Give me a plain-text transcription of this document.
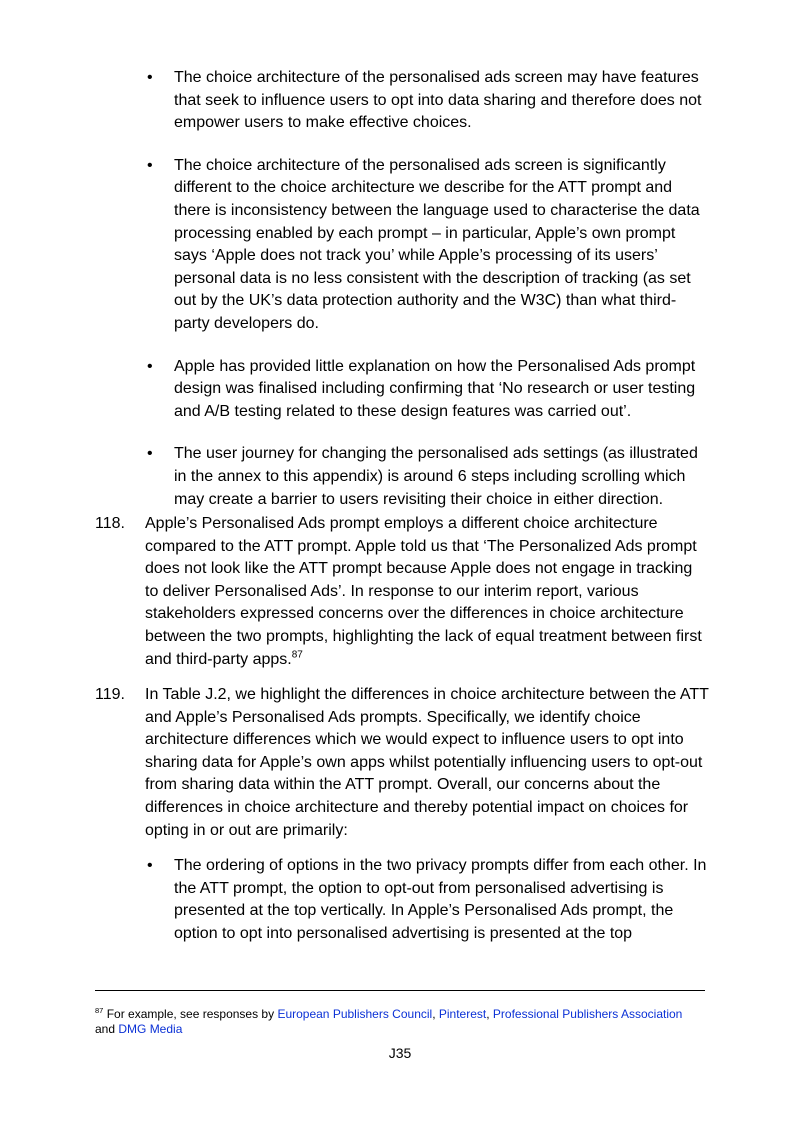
• The choice architecture of the personalised ads screen may have features that seek to influence users to opt into data sharing and therefore does not empower users to make effective choices.
• The choice architecture of the personalised ads screen is significantly different to the choice architecture we describe for the ATT prompt and there is inconsistency between the language used to characterise the data processing enabled by each prompt – in particular, Apple’s own prompt says ‘Apple does not track you’ while Apple’s processing of its users’ personal data is no less consistent with the description of tracking (as set out by the UK’s data protection authority and the W3C) than what third-party developers do.
• Apple has provided little explanation on how the Personalised Ads prompt design was finalised including confirming that ‘No research or user testing and A/B testing related to these design features was carried out’.
• The user journey for changing the personalised ads settings (as illustrated in the annex to this appendix) is around 6 steps including scrolling which may create a barrier to users revisiting their choice in either direction.
118. Apple’s Personalised Ads prompt employs a different choice architecture compared to the ATT prompt. Apple told us that ‘The Personalized Ads prompt does not look like the ATT prompt because Apple does not engage in tracking to deliver Personalised Ads’. In response to our interim report, various stakeholders expressed concerns over the differences in choice architecture between the two prompts, highlighting the lack of equal treatment between first and third-party apps.$^{87}$
119. In Table J.2, we highlight the differences in choice architecture between the ATT and Apple’s Personalised Ads prompts. Specifically, we identify choice architecture differences which we would expect to influence users to opt into sharing data for Apple’s own apps whilst potentially influencing users to opt-out from sharing data within the ATT prompt. Overall, our concerns about the differences in choice architecture and thereby potential impact on choices for opting in or out are primarily:
• The ordering of options in the two privacy prompts differ from each other. In the ATT prompt, the option to opt-out from personalised advertising is presented at the top vertically. In Apple’s Personalised Ads prompt, the option to opt into personalised advertising is presented at the top
$^{87}$ For example, see responses by European Publishers Council, Pinterest, Professional Publishers Association
and DMG Media
J35
